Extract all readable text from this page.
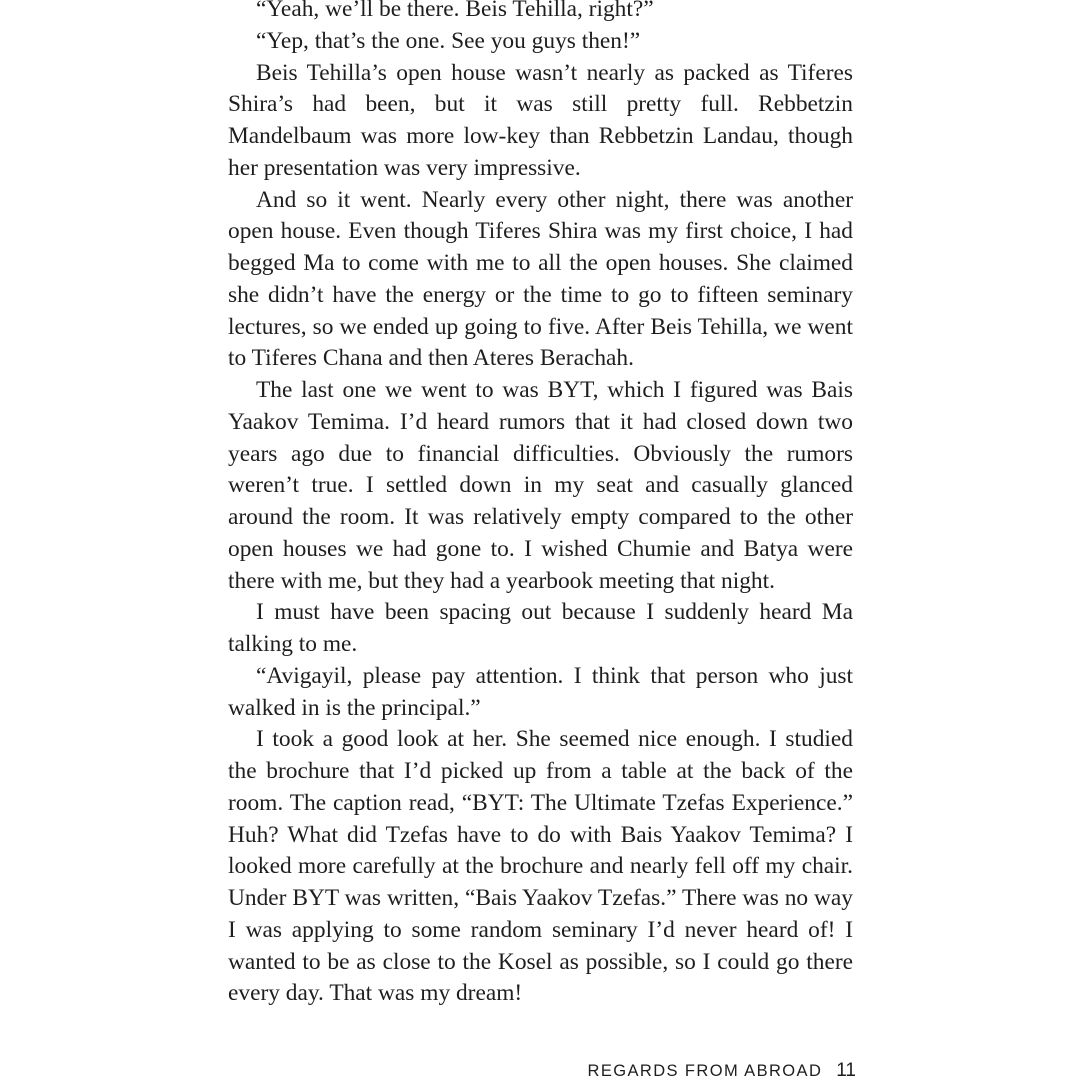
“Yeah, we’ll be there. Beis Tehilla, right?”

“Yep, that’s the one. See you guys then!”

Beis Tehilla’s open house wasn’t nearly as packed as Tiferes Shira’s had been, but it was still pretty full. Rebbetzin Mandelbaum was more low-key than Rebbetzin Landau, though her presentation was very impressive.

And so it went. Nearly every other night, there was another open house. Even though Tiferes Shira was my first choice, I had begged Ma to come with me to all the open houses. She claimed she didn’t have the energy or the time to go to fifteen seminary lectures, so we ended up going to five. After Beis Tehilla, we went to Tiferes Chana and then Ateres Berachah.

The last one we went to was BYT, which I figured was Bais Yaakov Temima. I’d heard rumors that it had closed down two years ago due to financial difficulties. Obviously the rumors weren’t true. I settled down in my seat and casually glanced around the room. It was relatively empty compared to the other open houses we had gone to. I wished Chumie and Batya were there with me, but they had a yearbook meeting that night.

I must have been spacing out because I suddenly heard Ma talking to me.

“Avigayil, please pay attention. I think that person who just walked in is the principal.”

I took a good look at her. She seemed nice enough. I studied the brochure that I’d picked up from a table at the back of the room. The caption read, “BYT: The Ultimate Tzefas Experience.” Huh? What did Tzefas have to do with Bais Yaakov Temima? I looked more carefully at the brochure and nearly fell off my chair. Under BYT was written, “Bais Yaakov Tzefas.” There was no way I was applying to some random seminary I’d never heard of! I wanted to be as close to the Kosel as possible, so I could go there every day. That was my dream!

REGARDS FROM ABROAD 11
